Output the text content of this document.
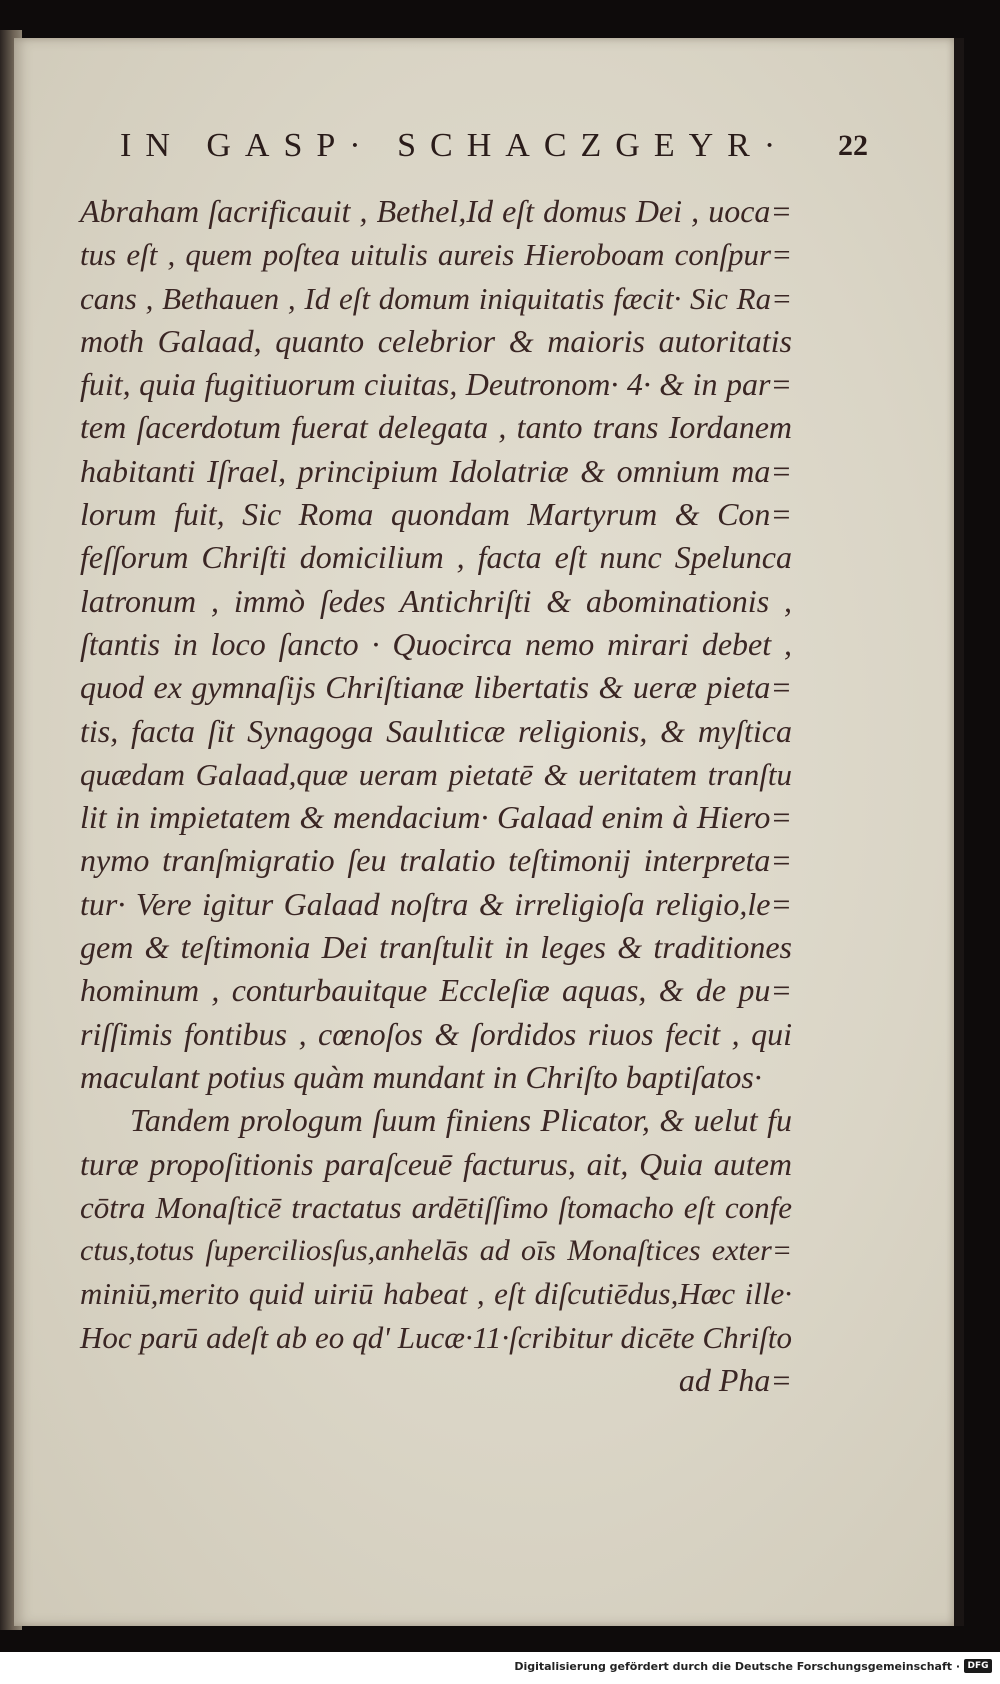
IN GASP· SCHACZGEYR· 22
Abraham ſacrificauit , Bethel,Id eſt domus Dei , uoca=
tus eſt , quem poſtea uitulis aureis Hieroboam conſpur=
cans , Bethauen , Id eſt domum iniquitatis fæcit· Sic Ra=
moth Galaad, quanto celebrior & maioris autoritatis
fuit, quia fugitiuorum ciuitas, Deutronom· 4· & in par=
tem ſacerdotum fuerat delegata , tanto trans Iordanem
habitanti Iſrael, principium Idolatriæ & omnium ma=
lorum fuit, Sic Roma quondam Martyrum & Con=
feſſorum Chriſti domicilium , facta eſt nunc Spelunca
latronum , immò ſedes Antichriſti & abominationis ,
ſtantis in loco ſancto · Quocirca nemo mirari debet ,
quod ex gymnaſijs Chriſtianæ libertatis & ueræ pieta=
tis, facta ſit Synagoga Saulıticæ religionis, & myſtica
quædam Galaad,quæ ueram pietatē & ueritatem tranſtu
lit in impietatem & mendacium· Galaad enim à Hiero=
nymo tranſmigratio ſeu tralatio teſtimonij interpreta=
tur· Vere igitur Galaad noſtra & irreligioſa religio,le=
gem & teſtimonia Dei tranſtulit in leges & traditiones
hominum , conturbauitque Eccleſiæ aquas, & de pu=
riſſimis fontibus , cœnoſos & ſordidos riuos fecit , qui
maculant potius quàm mundant in Chriſto baptiſatos·
Tandem prologum ſuum finiens Plicator, & uelut fu
turæ propoſitionis paraſceuē facturus, ait, Quia autem
cōtra Monaſticē tractatus ardētiſſimo ſtomacho eſt confe
ctus,totus ſuperciliosſus,anhelās ad oīs Monaſtices exter=
miniū,merito quid uiriū habeat , eſt diſcutiēdus,Hæc ille·
Hoc parū adeſt ab eo qd' Lucæ·11·ſcribitur dicēte Chriſto
ad Pha=
Digitalisierung gefördert durch die Deutsche Forschungsgemeinschaft · DFG
